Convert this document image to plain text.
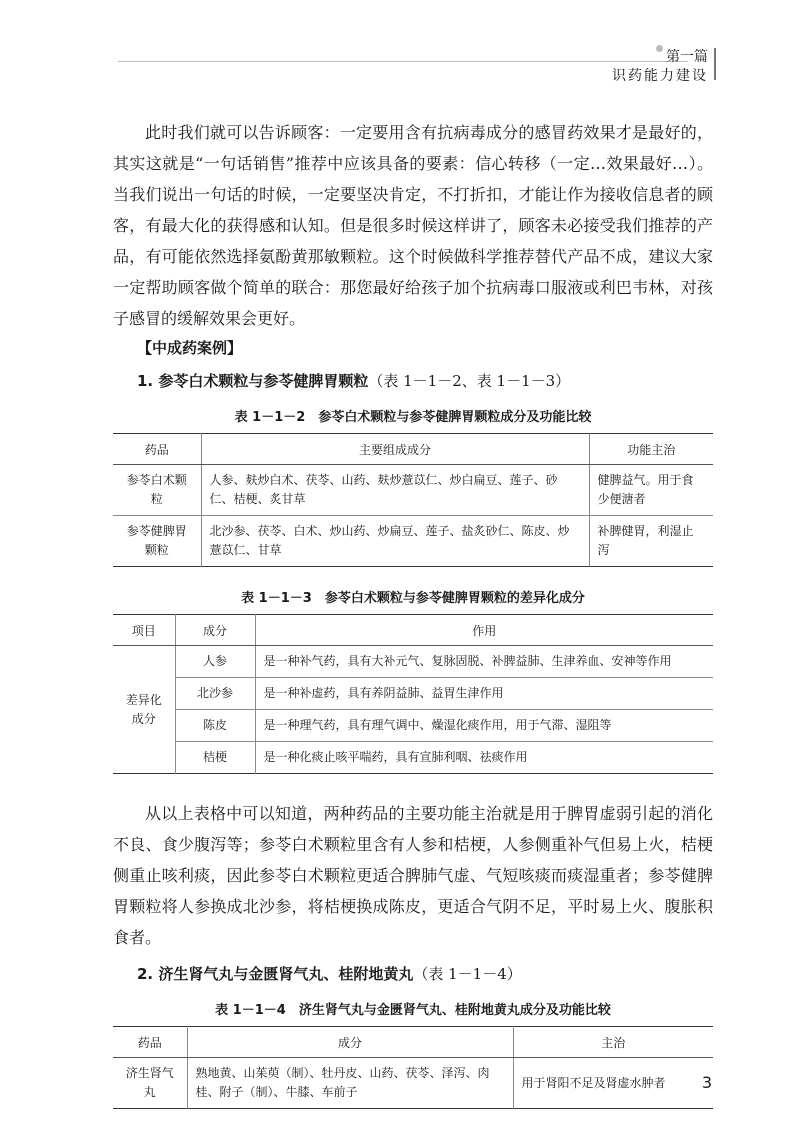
第一篇
识药能力建设

此时我们就可以告诉顾客：一定要用含有抗病毒成分的感冒药效果才是最好的，其实这就是“一句话销售”推荐中应该具备的要素：信心转移（一定…效果最好…）。当我们说出一句话的时候，一定要坚决肯定，不打折扣，才能让作为接收信息者的顾客，有最大化的获得感和认知。但是很多时候这样讲了，顾客未必接受我们推荐的产品，有可能依然选择氨酚黄那敏颗粒。这个时候做科学推荐替代产品不成，建议大家一定帮助顾客做个简单的联合：那您最好给孩子加个抗病毒口服液或利巴韦林，对孩子感冒的缓解效果会更好。

【中成药案例】
1. 参苓白术颗粒与参苓健脾胃颗粒（表 1－1－2、表 1－1－3）
表 1－1－2　参苓白术颗粒与参苓健脾胃颗粒成分及功能比较
药品	主要组成成分	功能主治
参苓白术颗粒	人参、麸炒白术、茯苓、山药、麸炒薏苡仁、炒白扁豆、莲子、砂仁、桔梗、炙甘草	健脾益气。用于食少便溏者
参苓健脾胃颗粒	北沙参、茯苓、白术、炒山药、炒扁豆、莲子、盐炙砂仁、陈皮、炒薏苡仁、甘草	补脾健胃，利湿止泻
表 1－1－3　参苓白术颗粒与参苓健脾胃颗粒的差异化成分
项目	成分	作用
差异化成分	人参	是一种补气药，具有大补元气、复脉固脱、补脾益肺、生津养血、安神等作用
	北沙参	是一种补虚药，具有养阴益肺、益胃生津作用
	陈皮	是一种理气药，具有理气调中、燥湿化痰作用，用于气滞、湿阻等
	桔梗	是一种化痰止咳平喘药，具有宣肺利咽、祛痰作用

从以上表格中可以知道，两种药品的主要功能主治就是用于脾胃虚弱引起的消化不良、食少腹泻等；参苓白术颗粒里含有人参和桔梗，人参侧重补气但易上火，桔梗侧重止咳利痰，因此参苓白术颗粒更适合脾肺气虚、气短咳痰而痰湿重者；参苓健脾胃颗粒将人参换成北沙参，将桔梗换成陈皮，更适合气阴不足，平时易上火、腹胀积食者。

2. 济生肾气丸与金匮肾气丸、桂附地黄丸（表 1－1－4）
表 1－1－4　济生肾气丸与金匮肾气丸、桂附地黄丸成分及功能比较
药品	成分	主治
济生肾气丸	熟地黄、山茱萸（制）、牡丹皮、山药、茯苓、泽泻、肉桂、附子（制）、牛膝、车前子	用于肾阳不足及肾虚水肿者 3
